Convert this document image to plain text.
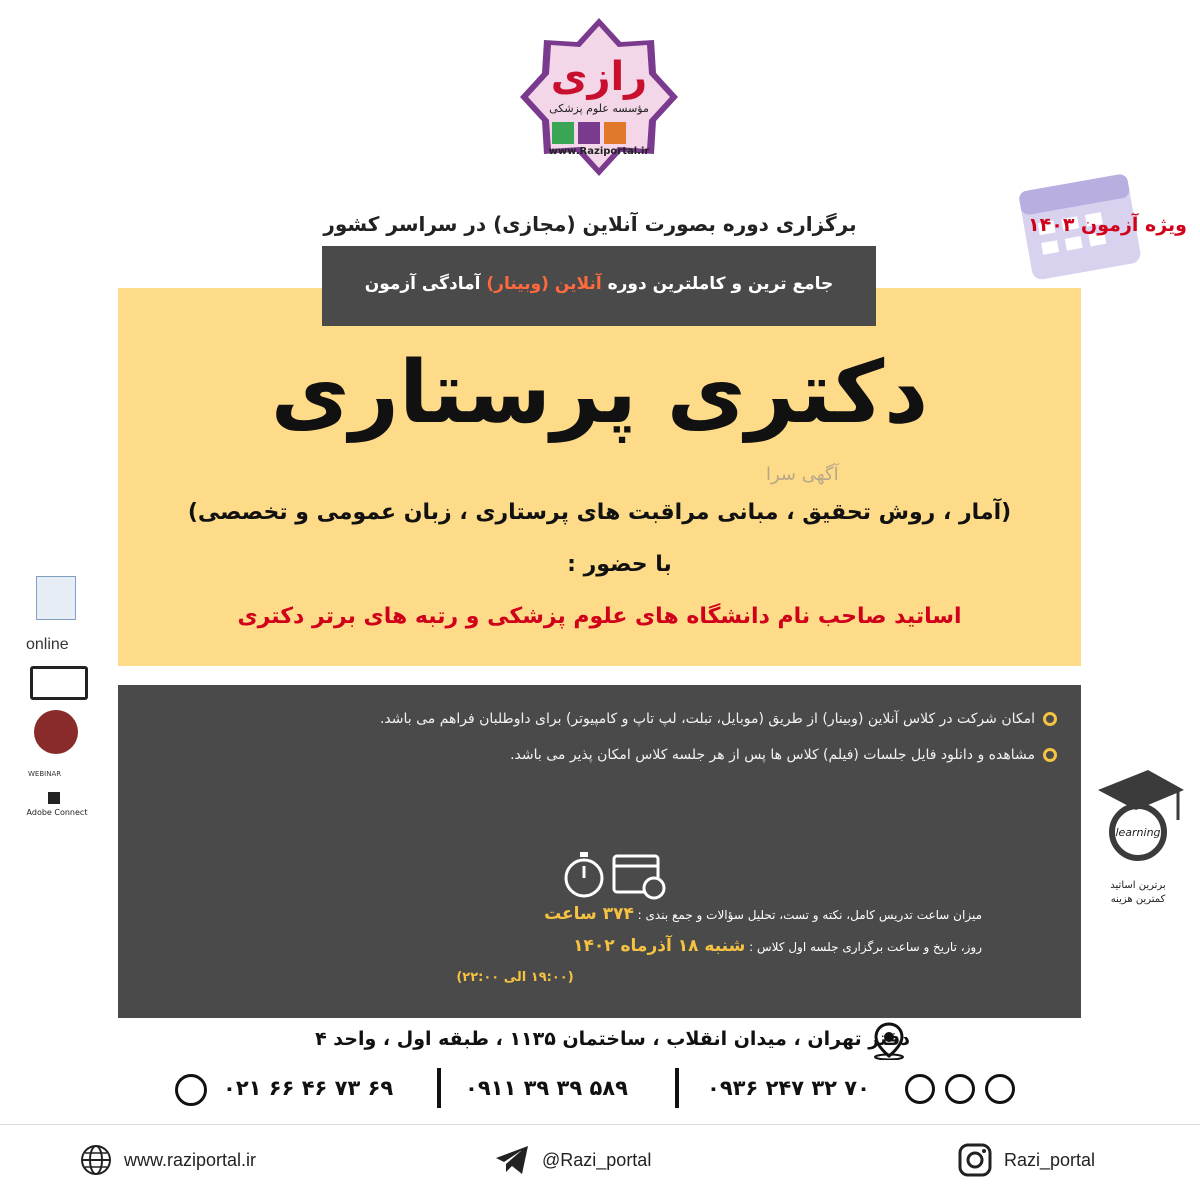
رازی
مؤسسه علوم پزشکی
www.Raziportal.ir
ویژه آزمون ۱۴۰۳
برگزاری دوره بصورت آنلاین (مجازی) در سراسر کشور
دکتری پرستاری
آگهی سرا
(آمار ، روش تحقیق ، مبانی مراقبت های پرستاری ، زبان عمومی و تخصصی)
با حضور :
اساتید صاحب نام دانشگاه های علوم پزشکی و رتبه های برتر دکتری
جامع ترین و کاملترین دوره آنلاین (وبینار) آمادگی آزمون
امکان شرکت در کلاس آنلاین (وبینار) از طریق (موبایل، تبلت، لپ تاپ و کامپیوتر) برای داوطلبان فراهم می باشد.
مشاهده و دانلود فایل جلسات (فیلم) کلاس ها پس از هر جلسه کلاس امکان پذیر می باشد.
میزان ساعت تدریس کامل، نکته و تست، تحلیل سؤالات و جمع بندی : ۳۷۴ ساعت
روز، تاریخ و ساعت برگزاری جلسه اول کلاس : شنبه ۱۸ آذرماه ۱۴۰۲
(۱۹:۰۰ الی ۲۲:۰۰)
online
WEBINAR
Adobe Connect
learning
برترین اساتید
کمترین هزینه
دفتر تهران ، میدان انقلاب ، ساختمان ۱۱۳۵ ، طبقه اول ، واحد ۴
۰۲۱ ۶۶ ۴۶ ۷۳ ۶۹	۰۹۱۱ ۳۹ ۳۹ ۵۸۹	۰۹۳۶ ۲۴۷ ۳۲ ۷۰
www.raziportal.ir	@Razi_portal	Razi_portal
